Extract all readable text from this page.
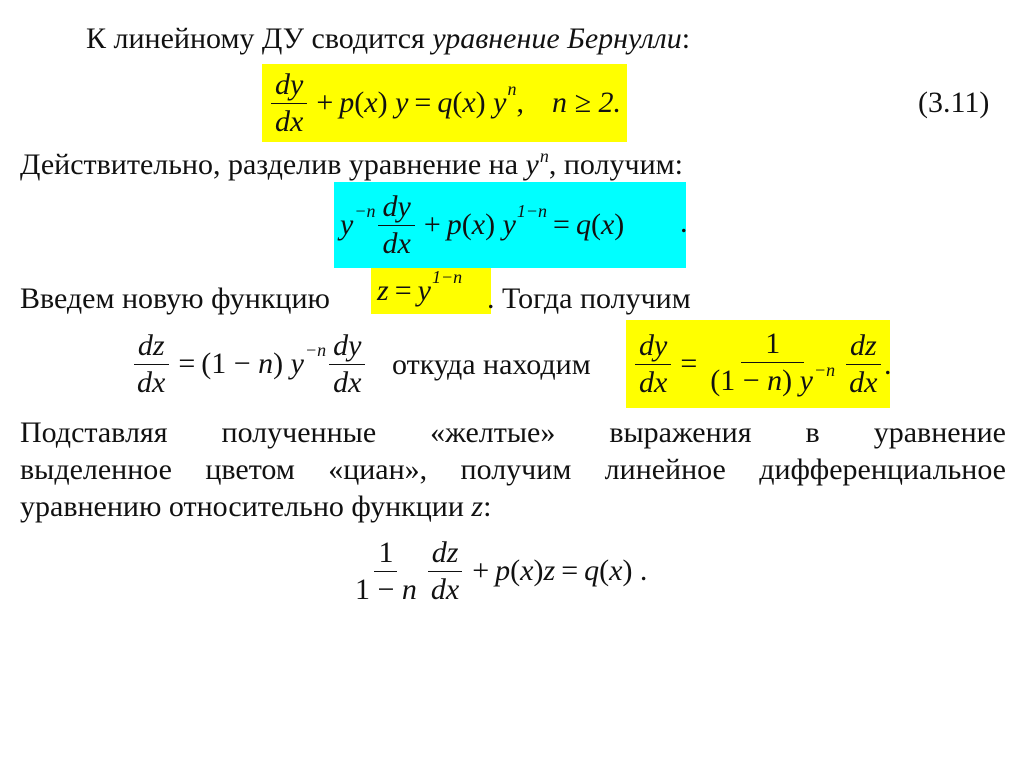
К линейному ДУ сводится уравнение Бернулли:
$\frac{dy}{dx} + p$ ( x ) y = q ( x ) $y^n$ , n ≥ 2.	(3.11)
Действительно, разделив уравнение на $y^n$, получим:
$y^{-n} \frac{dy}{dx} + p$ ( x ) $y^{1-n} = q$ ( x ) .
Введем новую функцию $z = y^{1-n}$
. Тогда получим
$\frac{dz}{dx} = (1 - n$ ) $y^{-n} \frac{dy}{dx}$ откуда находим $\frac{dy}{dx} = \frac{1}{(1 - n) y^{-n}} \frac{dz}{dx}$ .
Подставляя полученные «желтые» выражения в уравнение
выделенное цветом «циан», получим линейное дифференциальное
уравнению относительно функции z:
$\frac{1}{1 - n} \frac{dz}{dx} + p$ ( x ) z = q ( x ) .
